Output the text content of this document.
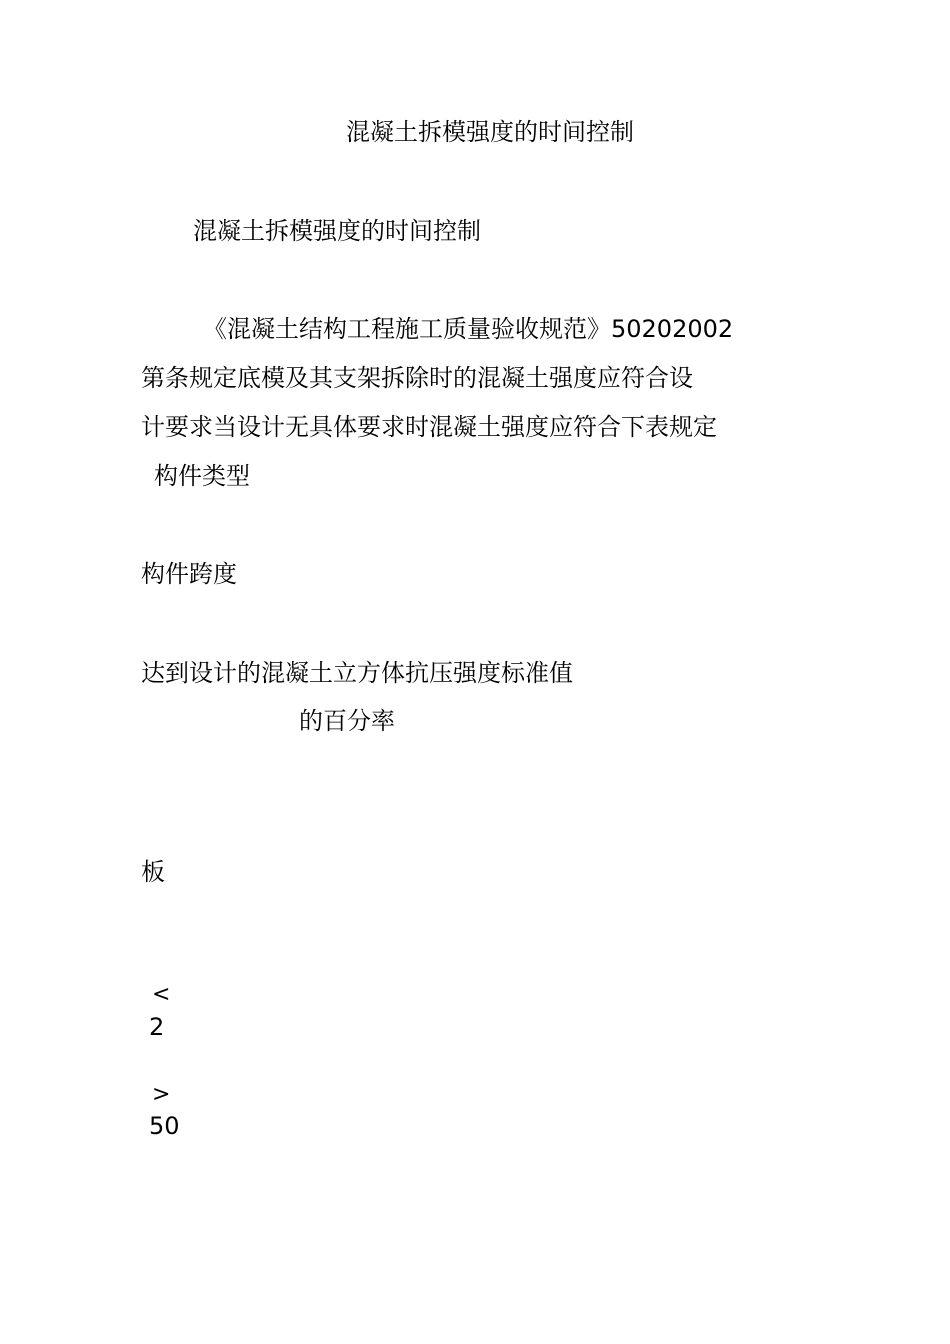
混凝土拆模强度的时间控制
混凝土拆模强度的时间控制

《混凝土结构工程施工质量验收规范》50202002

第条规定底模及其支架拆除时的混凝土强度应符合设

计要求当设计无具体要求时混凝土强度应符合下表规定

构件类型

构件跨度

达到设计的混凝土立方体抗压强度标准值

的百分率

板

<

2

>

50
